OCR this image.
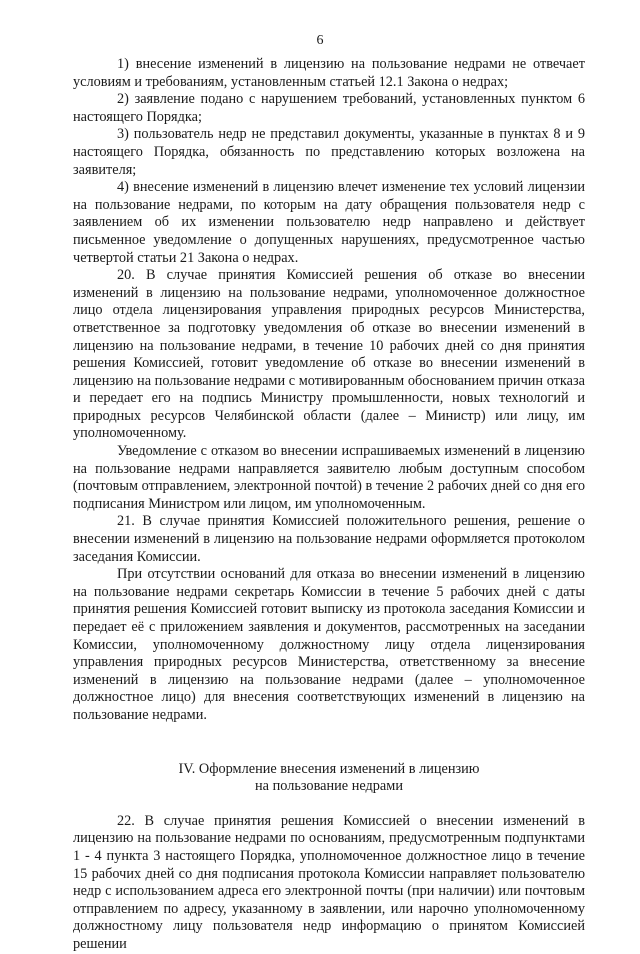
6

1) внесение изменений в лицензию на пользование недрами не отвечает условиям и требованиям, установленным статьей 12.1 Закона о недрах;

2) заявление подано с нарушением требований, установленных пунктом 6 настоящего Порядка;

3) пользователь недр не представил документы, указанные в пунктах 8 и 9 настоящего Порядка, обязанность по представлению которых возложена на заявителя;

4) внесение изменений в лицензию влечет изменение тех условий лицензии на пользование недрами, по которым на дату обращения пользователя недр с заявлением об их изменении пользователю недр направлено и действует письменное уведомление о допущенных нарушениях, предусмотренное частью четвертой статьи 21 Закона о недрах.

20. В случае принятия Комиссией решения об отказе во внесении изменений в лицензию на пользование недрами, уполномоченное должностное лицо отдела лицензирования управления природных ресурсов Министерства, ответственное за подготовку уведомления об отказе во внесении изменений в лицензию на пользование недрами, в течение 10 рабочих дней со дня принятия решения Комиссией, готовит уведомление об отказе во внесении изменений в лицензию на пользование недрами с мотивированным обоснованием причин отказа и передает его на подпись Министру промышленности, новых технологий и природных ресурсов Челябинской области (далее – Министр) или лицу, им уполномоченному.

Уведомление с отказом во внесении испрашиваемых изменений в лицензию на пользование недрами направляется заявителю любым доступным способом (почтовым отправлением, электронной почтой) в течение 2 рабочих дней со дня его подписания Министром или лицом, им уполномоченным.

21. В случае принятия Комиссией положительного решения, решение о внесении изменений в лицензию на пользование недрами оформляется протоколом заседания Комиссии.

При отсутствии оснований для отказа во внесении изменений в лицензию на пользование недрами секретарь Комиссии в течение 5 рабочих дней с даты принятия решения Комиссией готовит выписку из протокола заседания Комиссии и передает её с приложением заявления и документов, рассмотренных на заседании Комиссии, уполномоченному должностному лицу отдела лицензирования управления природных ресурсов Министерства, ответственному за внесение изменений в лицензию на пользование недрами (далее – уполномоченное должностное лицо) для внесения соответствующих изменений в лицензию на пользование недрами.

IV. Оформление внесения изменений в лицензию

на пользование недрами

22. В случае принятия решения Комиссией о внесении изменений в лицензию на пользование недрами по основаниям, предусмотренным подпунктами 1 - 4 пункта 3 настоящего Порядка, уполномоченное должностное лицо в течение 15 рабочих дней со дня подписания протокола Комиссии направляет пользователю недр с использованием адреса его электронной почты (при наличии) или почтовым отправлением по адресу, указанному в заявлении, или нарочно уполномоченному должностному лицу пользователя недр информацию о принятом Комиссией решении
